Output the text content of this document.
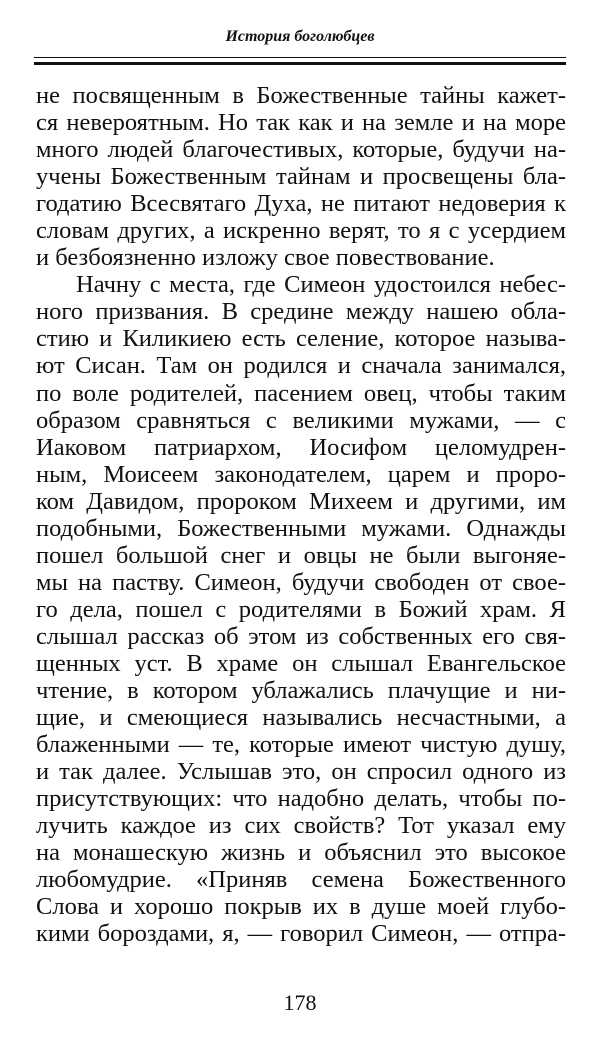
История боголюбцев
не посвященным в Божественные тайны кажет-
ся невероятным. Но так как и на земле и на море
много людей благочестивых, которые, будучи на-
учены Божественным тайнам и просвещены бла-
годатию Всесвятаго Духа, не питают недоверия к
словам других, а искренно верят, то я с усердием
и безбоязненно изложу свое повествование.
Начну с места, где Симеон удостоился небес-
ного призвания. В средине между нашею обла-
стию и Киликиею есть селение, которое называ-
ют Сисан. Там он родился и сначала занимался,
по воле родителей, пасением овец, чтобы таким
образом сравняться с великими мужами, — с
Иаковом патриархом, Иосифом целомудрен-
ным, Моисеем законодателем, царем и проро-
ком Давидом, пророком Михеем и другими, им
подобными, Божественными мужами. Однажды
пошел большой снег и овцы не были выгоняе-
мы на паству. Симеон, будучи свободен от свое-
го дела, пошел с родителями в Божий храм. Я
слышал рассказ об этом из собственных его свя-
щенных уст. В храме он слышал Евангельское
чтение, в котором ублажались плачущие и ни-
щие, и смеющиеся назывались несчастными, а
блаженными — те, которые имеют чистую душу,
и так далее. Услышав это, он спросил одного из
присутствующих: что надобно делать, чтобы по-
лучить каждое из сих свойств? Тот указал ему
на монашескую жизнь и объяснил это высокое
любомудрие. «Приняв семена Божественного
Слова и хорошо покрыв их в душе моей глубо-
кими бороздами, я, — говорил Симеон, — отпра-
178
